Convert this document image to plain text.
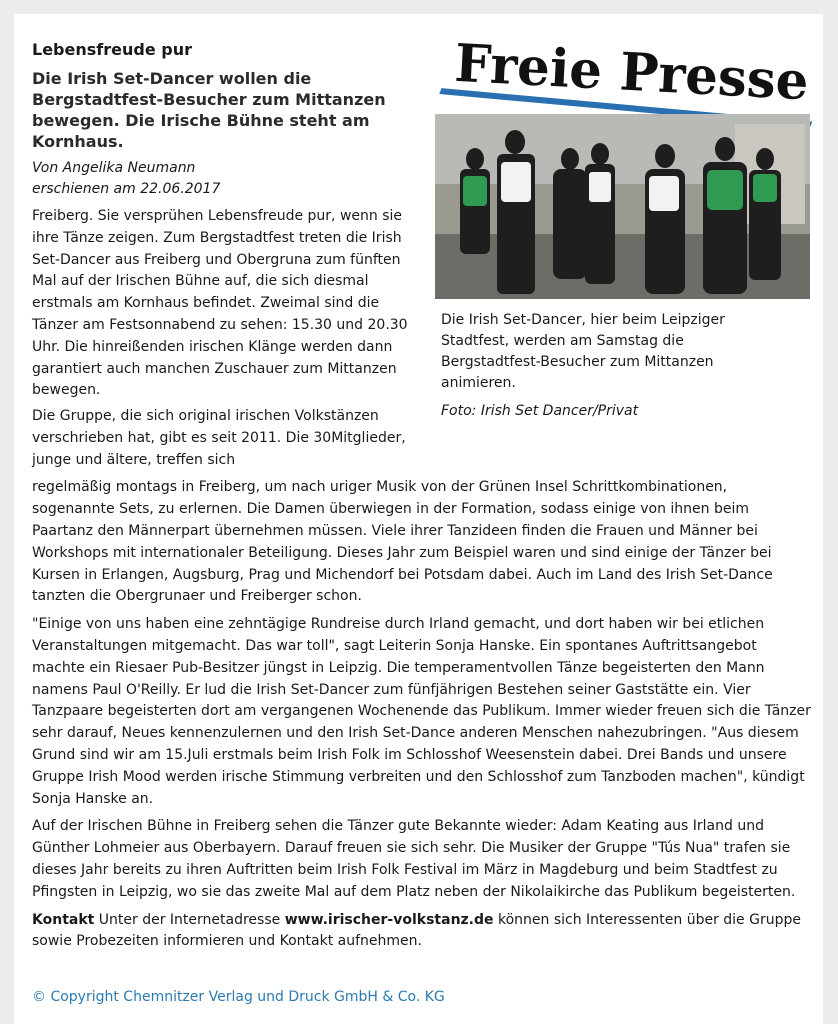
Freie Presse
Die Irish Set-Dancer, hier beim Leipziger Stadtfest, werden am Samstag die Bergstadtfest-Besucher zum Mittanzen animieren.
Foto: Irish Set Dancer/Privat
Lebensfreude pur
Die Irish Set-Dancer wollen die Bergstadtfest-Besucher zum Mittanzen bewegen. Die Irische Bühne steht am Kornhaus.
Von Angelika Neumann
erschienen am 22.06.2017

Freiberg. Sie versprühen Lebensfreude pur, wenn sie ihre Tänze zeigen. Zum Bergstadtfest treten die Irish Set-Dancer aus Freiberg und Obergruna zum fünften Mal auf der Irischen Bühne auf, die sich diesmal erstmals am Kornhaus befindet. Zweimal sind die Tänzer am Festsonnabend zu sehen: 15.30 und 20.30 Uhr. Die hinreißenden irischen Klänge werden dann garantiert auch manchen Zuschauer zum Mittanzen bewegen.

Die Gruppe, die sich original irischen Volkstänzen verschrieben hat, gibt es seit 2011. Die 30Mitglieder, junge und ältere, treffen sich

regelmäßig montags in Freiberg, um nach uriger Musik von der Grünen Insel Schrittkombinationen, sogenannte Sets, zu erlernen. Die Damen überwiegen in der Formation, sodass einige von ihnen beim Paartanz den Männerpart übernehmen müssen. Viele ihrer Tanzideen finden die Frauen und Männer bei Workshops mit internationaler Beteiligung. Dieses Jahr zum Beispiel waren und sind einige der Tänzer bei Kursen in Erlangen, Augsburg, Prag und Michendorf bei Potsdam dabei. Auch im Land des Irish Set-Dance tanzten die Obergrunaer und Freiberger schon.

"Einige von uns haben eine zehntägige Rundreise durch Irland gemacht, und dort haben wir bei etlichen Veranstaltungen mitgemacht. Das war toll", sagt Leiterin Sonja Hanske. Ein spontanes Auftrittsangebot machte ein Riesaer Pub-Besitzer jüngst in Leipzig. Die temperamentvollen Tänze begeisterten den Mann namens Paul O'Reilly. Er lud die Irish Set-Dancer zum fünfjährigen Bestehen seiner Gaststätte ein. Vier Tanzpaare begeisterten dort am vergangenen Wochenende das Publikum. Immer wieder freuen sich die Tänzer sehr darauf, Neues kennenzulernen und den Irish Set-Dance anderen Menschen nahezubringen. "Aus diesem Grund sind wir am 15.Juli erstmals beim Irish Folk im Schlosshof Weesenstein dabei. Drei Bands und unsere Gruppe Irish Mood werden irische Stimmung verbreiten und den Schlosshof zum Tanzboden machen", kündigt Sonja Hanske an.

Auf der Irischen Bühne in Freiberg sehen die Tänzer gute Bekannte wieder: Adam Keating aus Irland und Günther Lohmeier aus Oberbayern. Darauf freuen sie sich sehr. Die Musiker der Gruppe "Tús Nua" trafen sie dieses Jahr bereits zu ihren Auftritten beim Irish Folk Festival im März in Magdeburg und beim Stadtfest zu Pfingsten in Leipzig, wo sie das zweite Mal auf dem Platz neben der Nikolaikirche das Publikum begeisterten.

Kontakt Unter der Internetadresse www.irischer-volkstanz.de können sich Interessenten über die Gruppe sowie Probezeiten informieren und Kontakt aufnehmen.

© Copyright Chemnitzer Verlag und Druck GmbH & Co. KG
